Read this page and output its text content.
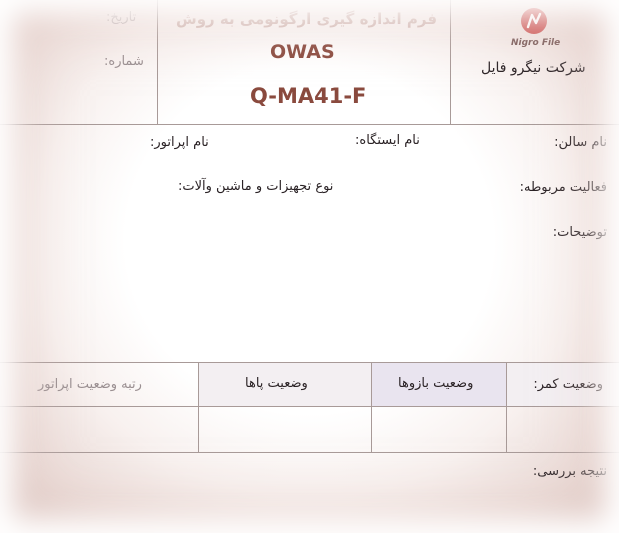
تاریخ:
شماره:
فرم اندازه گیری ارگونومی به روش
OWAS
Q-MA41-F
Nigro File
شرکت نیگرو فایل
نام سالن:
نام ایستگاه:
نام اپراتور:
فعالیت مربوطه:
نوع تجهیزات و ماشین وآلات:
توضیحات:
وضعیت کمر:
وضعیت بازوها
وضعیت پاها
رتبه وضعیت اپراتور
نتیجه بررسی:
